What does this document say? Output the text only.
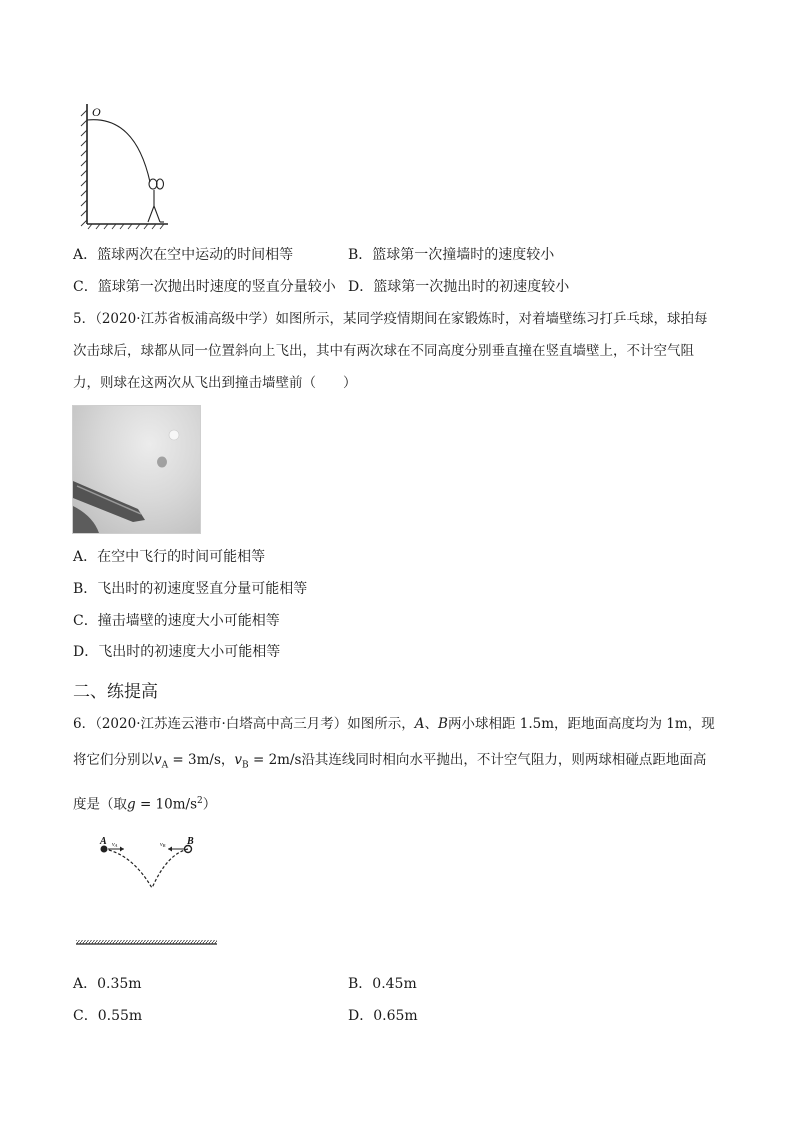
O
A．篮球两次在空中运动的时间相等	B．篮球第一次撞墙时的速度较小
C．篮球第一次抛出时速度的竖直分量较小 D．篮球第一次抛出时的初速度较小
5．（2020·江苏省板浦高级中学）如图所示，某同学疫情期间在家锻炼时，对着墙壁练习打乒乓球，球拍每
次击球后，球都从同一位置斜向上飞出，其中有两次球在不同高度分别垂直撞在竖直墙壁上，不计空气阻
力，则球在这两次从飞出到撞击墙壁前（　　）
A．在空中飞行的时间可能相等
B．飞出时的初速度竖直分量可能相等
C．撞击墙壁的速度大小可能相等
D．飞出时的初速度大小可能相等
二、练提高
6．（2020·江苏连云港市·白塔高中高三月考）如图所示，A、B两小球相距 1.5m，距地面高度均为 1m，现
将它们分别以$v_A = 3m/s$，$v_B = 2m/s$沿其连线同时相向水平抛出，不计空气阻力，则两球相碰点距地面高
度是（取$g = 10m/s^2$）
A	B
vA	vB
A．0.35m	B．0.45m
C．0.55m	D．0.65m
